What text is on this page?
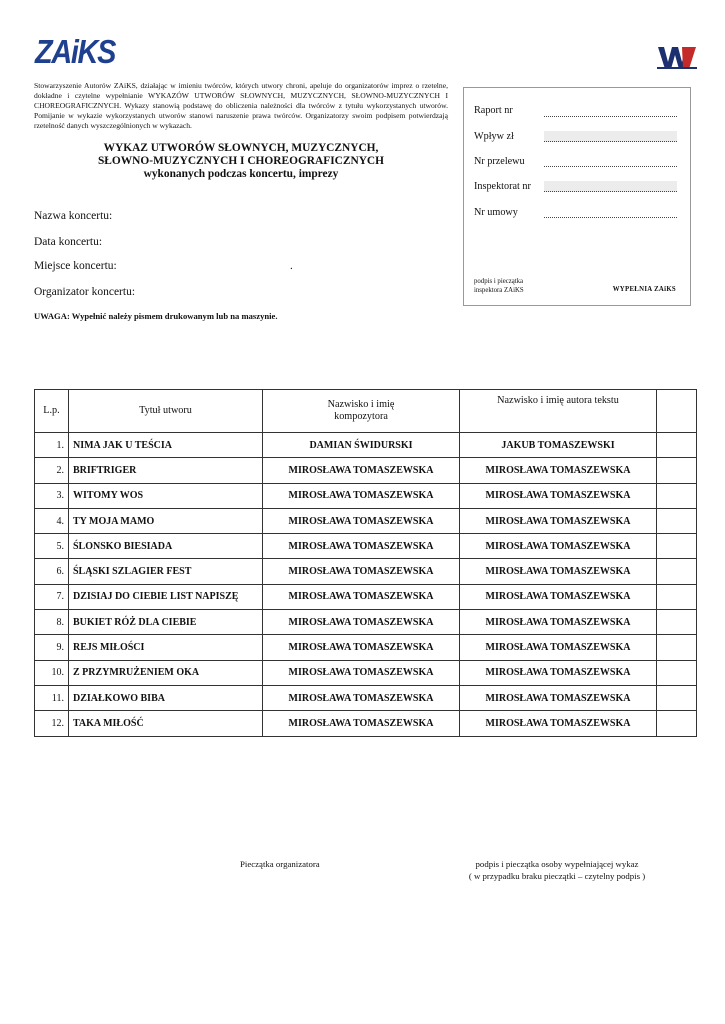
ZAiKS
Stowarzyszenie Autorów ZAiKS, działając w imieniu twórców, których utwory chroni, apeluje do organizatorów imprez o rzetelne, dokładne i czytelne wypełnianie WYKAZÓW UTWORÓW SŁOWNYCH, MUZYCZNYCH, SŁOWNO-MUZYCZNYCH I CHOREOGRAFICZNYCH. Wykazy stanowią podstawę do obliczenia należności dla twórców z tytułu wykorzystanych utworów. Pomijanie w wykazie wykorzystanych utworów stanowi naruszenie prawa twórców. Organizatorzy swoim podpisem potwierdzają rzetelność danych wyszczególnionych w wykazach.
WYKAZ UTWORÓW SŁOWNYCH, MUZYCZNYCH,
SŁOWNO-MUZYCZNYCH I CHOREOGRAFICZNYCH
wykonanych podczas koncertu, imprezy
Nazwa koncertu:
Data koncertu:
Miejsce koncertu:	.
Organizator koncertu:
UWAGA: Wypełnić należy pismem drukowanym lub na maszynie.
Raport nr
Wpływ zł
Nr przelewu
Inspektorat nr
Nr umowy
podpis i pieczątka
inspektora ZAiKS	WYPEŁNIA ZAiKS
L.p.	Tytuł utworu	Nazwisko i imię
kompozytora	Nazwisko i imię autora tekstu	
1.	NIMA JAK U TEŚCIA	DAMIAN ŚWIDURSKI	JAKUB TOMASZEWSKI	
2.	BRIFTRIGER	MIROSŁAWA TOMASZEWSKA	MIROSŁAWA TOMASZEWSKA	
3.	WITOMY WOS	MIROSŁAWA TOMASZEWSKA	MIROSŁAWA TOMASZEWSKA	
4.	TY MOJA MAMO	MIROSŁAWA TOMASZEWSKA	MIROSŁAWA TOMASZEWSKA	
5.	ŚLONSKO BIESIADA	MIROSŁAWA TOMASZEWSKA	MIROSŁAWA TOMASZEWSKA	
6.	ŚLĄSKI SZLAGIER FEST	MIROSŁAWA TOMASZEWSKA	MIROSŁAWA TOMASZEWSKA	
7.	DZISIAJ DO CIEBIE LIST NAPISZĘ	MIROSŁAWA TOMASZEWSKA	MIROSŁAWA TOMASZEWSKA	
8.	BUKIET RÓŻ DLA CIEBIE	MIROSŁAWA TOMASZEWSKA	MIROSŁAWA TOMASZEWSKA	
9.	REJS MIŁOŚCI	MIROSŁAWA TOMASZEWSKA	MIROSŁAWA TOMASZEWSKA	
10.	Z PRZYMRUŻENIEM OKA	MIROSŁAWA TOMASZEWSKA	MIROSŁAWA TOMASZEWSKA	
11.	DZIAŁKOWO BIBA	MIROSŁAWA TOMASZEWSKA	MIROSŁAWA TOMASZEWSKA	
12.	TAKA MIŁOŚĆ	MIROSŁAWA TOMASZEWSKA	MIROSŁAWA TOMASZEWSKA	
Pieczątka organizatora	podpis i pieczątka osoby wypełniającej wykaz
( w przypadku braku pieczątki – czytelny podpis )
